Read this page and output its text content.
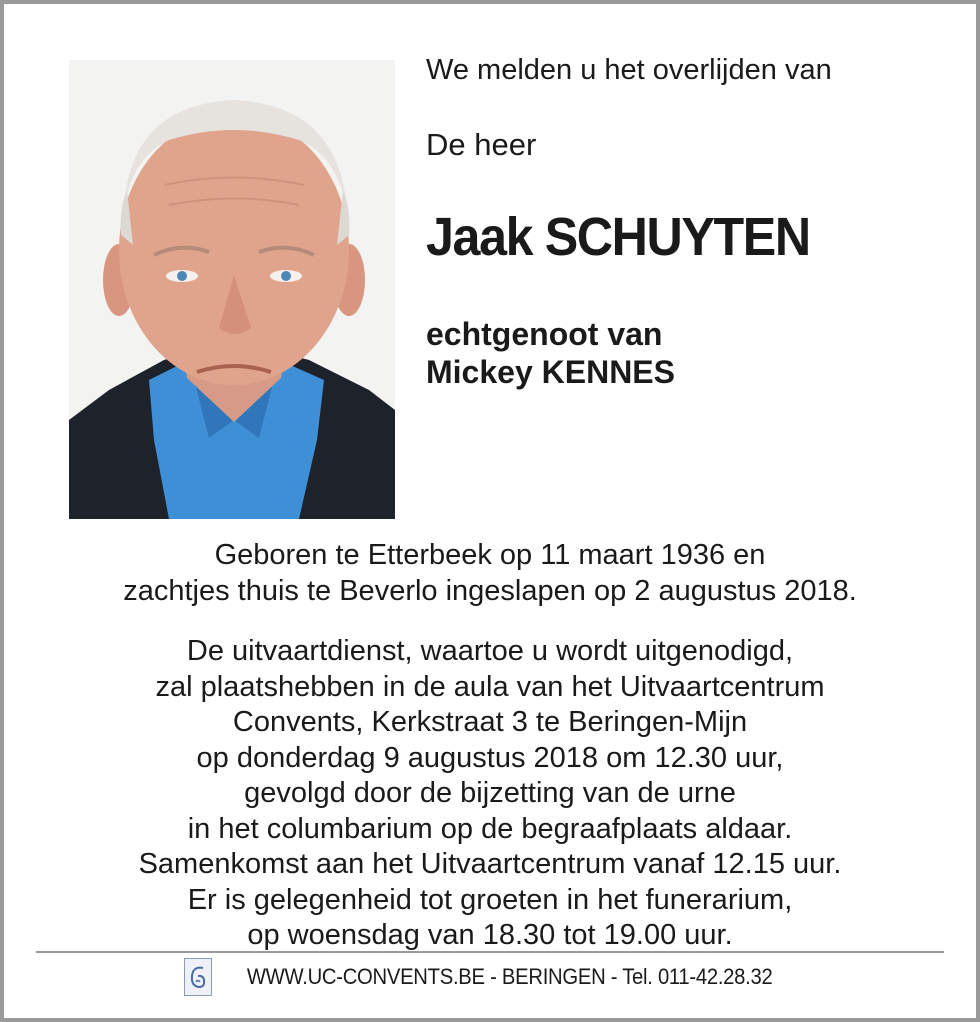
We melden u het overlijden van
De heer
Jaak SCHUYTEN
echtgenoot van
Mickey KENNES
Geboren te Etterbeek op 11 maart 1936 en
zachtjes thuis te Beverlo ingeslapen op 2 augustus 2018.
De uitvaartdienst, waartoe u wordt uitgenodigd,
zal plaatshebben in de aula van het Uitvaartcentrum
Convents, Kerkstraat 3 te Beringen-Mijn
op donderdag 9 augustus 2018 om 12.30 uur,
gevolgd door de bijzetting van de urne
in het columbarium op de begraafplaats aldaar.
Samenkomst aan het Uitvaartcentrum vanaf 12.15 uur.
Er is gelegenheid tot groeten in het funerarium,
op woensdag van 18.30 tot 19.00 uur.
WWW.UC-CONVENTS.BE - BERINGEN - Tel. 011-42.28.32
